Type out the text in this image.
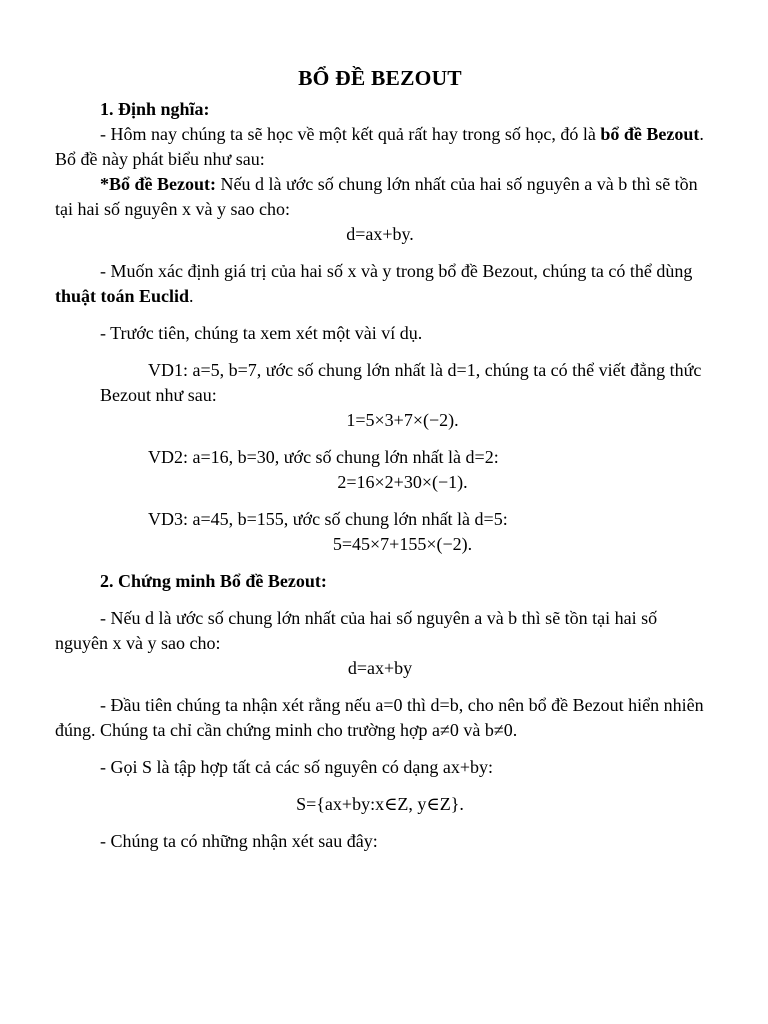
BỔ ĐỀ BEZOUT

1. Định nghĩa:

- Hôm nay chúng ta sẽ học về một kết quả rất hay trong số học, đó là bổ đề Bezout. Bổ đề này phát biểu như sau:

*Bổ đề Bezout: Nếu d là ước số chung lớn nhất của hai số nguyên a và b thì sẽ tồn tại hai số nguyên x và y sao cho:

d=ax+by.

- Muốn xác định giá trị của hai số x và y trong bổ đề Bezout, chúng ta có thể dùng thuật toán Euclid.

- Trước tiên, chúng ta xem xét một vài ví dụ.

VD1: a=5, b=7, ước số chung lớn nhất là d=1, chúng ta có thể viết đẳng thức Bezout như sau:

1=5×3+7×(−2).

VD2: a=16, b=30, ước số chung lớn nhất là d=2:

2=16×2+30×(−1).

VD3: a=45, b=155, ước số chung lớn nhất là d=5:

5=45×7+155×(−2).

2. Chứng minh Bổ đề Bezout:

- Nếu d là ước số chung lớn nhất của hai số nguyên a và b thì sẽ tồn tại hai số nguyên x và y sao cho:

d=ax+by

- Đầu tiên chúng ta nhận xét rằng nếu a=0 thì d=b, cho nên bổ đề Bezout hiển nhiên đúng. Chúng ta chỉ cần chứng minh cho trường hợp a≠0 và b≠0.

- Gọi S là tập hợp tất cả các số nguyên có dạng ax+by:

S={ax+by:x∈Z, y∈Z}.

- Chúng ta có những nhận xét sau đây:
